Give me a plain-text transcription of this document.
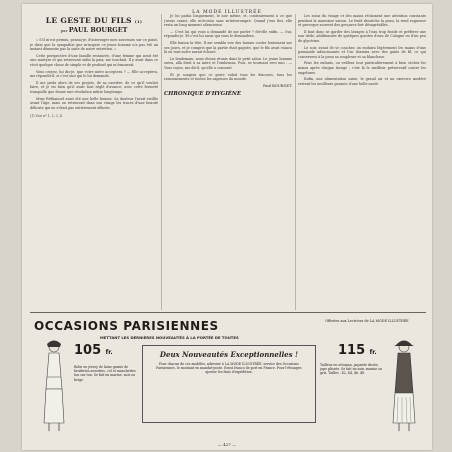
LA MODE ILLUSTRÉE
LE GESTE DU FILS (1)
par PAUL BOURGET

« S'il m'est permis, pensai-je, d'interroger mes souvenirs sur ce point, je dirai que la sympathie que m'inspire ce jeune homme n'a pas été un instant démentie par la suite de notre entretien. »

Cette perspective d'une famille restaurée, d'une femme qui avait été une martyre et qui retrouvait enfin la paix, me touchait. Il y avait dans ce récit quelque chose de simple et de profond qui m'émouvait.

Vous croyez, lui dis-je, que votre mère acceptera ? — Elle acceptera, me répondit-il, si c'est moi qui le lui demande.

Il me parla alors de ses projets, de sa carrière, de ce qu'il voulait faire, et je vis bien qu'il avait tout réglé d'avance, avec cette fermeté tranquille que donne une résolution mûrie longtemps.

Mme Réthaissel avait été une belle femme. Sa douleur l'avait vieillie avant l'âge, mais on retrouvait dans son visage les traces d'une beauté délicate qui ne s'était pas entièrement effacée.

(1) Voir nº 1, 2, 3, 4.

Je lui parlai longuement, le soir même, et, contrairement à ce que j'avais craint, elle m'écouta sans m'interrompre. Quand j'eus fini, elle resta un long moment silencieuse.

— C'est lui qui vous a demandé de me parler ? dit-elle enfin. — Oui, répondis-je. Et c'est lui aussi qui vous le demandera.

Elle baissa la tête. Il me sembla voir des larmes couler lentement sur ses joues, et je compris que la partie était gagnée, que le fils avait vaincu là où tout autre aurait échoué.

Le lendemain, nous étions réunis dans le petit salon. Le jeune homme entra, alla droit à sa mère et l'embrassa. Puis, se tournant vers moi : — Vous voyez, me dit-il, qu'elle a consenti.

Et je songeai que ce geste valait tous les discours, tous les raisonnements et toutes les sagesses du monde.

Paul BOURGET.
CHRONIQUE D'HYGIÈNE

Les soins du visage et des mains réclament une attention constante pendant la mauvaise saison. Le froid dessèche la peau, la rend rugueuse et provoque souvent des gerçures fort désagréables.

Il faut donc se garder des lavages à l'eau trop froide et préférer une eau tiède, additionnée de quelques gouttes d'eau de Cologne ou d'un peu de glycérine.

Le soir, avant de se coucher, on enduira légèrement les mains d'une pommade adoucissante et l'on dormira avec des gants de fil, ce qui conservera à la peau sa souplesse et sa blancheur.

Pour les enfants, on veillera tout particulièrement à bien sécher les mains après chaque lavage ; c'est là le meilleur préservatif contre les engelures.

Enfin, une alimentation saine, le grand air et un exercice modéré restent les meilleurs garants d'une belle santé.

OCCASIONS PARISIENNES
METTANT LES DERNIÈRES NOUVEAUTÉS À LA PORTÉE DE TOUTES
Offertes aux Lectrices de LA MODE ILLUSTRÉE
105 fr.	115 fr.
Robe en jersey de laine garnie de broderies assorties, col et manchettes ton sur ton. Se fait en marine, noir ou beige.
Tailleur en ottoman, jaquette droite, jupe plissée. Se fait en noir, marine ou gris. Tailles : 42, 44, 46, 48.
Deux Nouveautés Exceptionnelles !
Pour chacun de ces modèles, adresser à LA MODE ILLUSTRÉE, service des Occasions Parisiennes, le montant en mandat-poste. Envoi franco de port en France. Pour l'étranger, ajouter les frais d'expédition.
— 427 —
